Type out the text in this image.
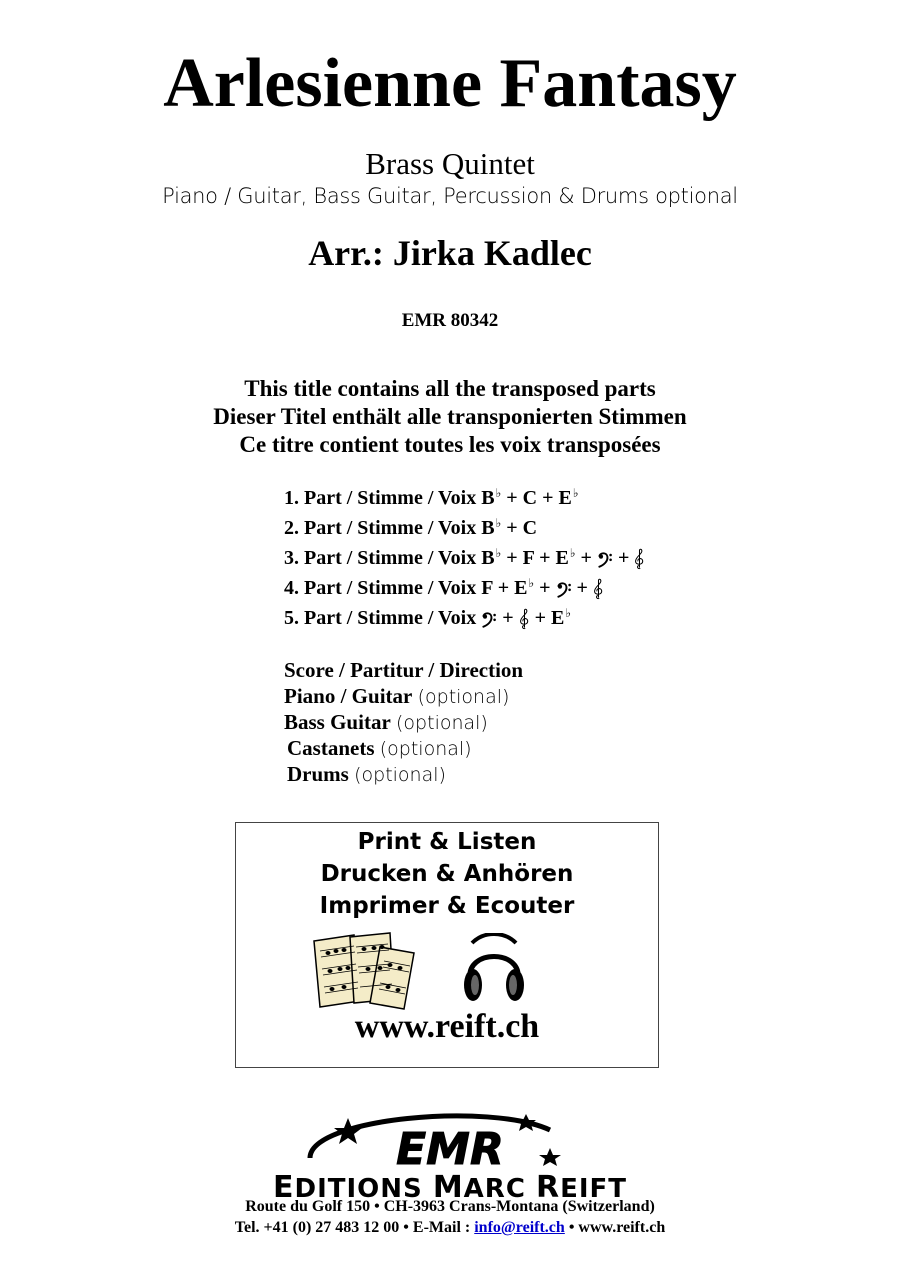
Arlesienne Fantasy
Brass Quintet
Piano / Guitar, Bass Guitar, Percussion & Drums optional
Arr.: Jirka Kadlec
EMR 80342
This title contains all the transposed parts
Dieser Titel enthält alle transponierten Stimmen
Ce titre contient toutes les voix transposées
1. Part / Stimme / Voix B♭ + C + E♭
2. Part / Stimme / Voix B♭ + C
3. Part / Stimme / Voix B♭ + F + E♭ + +
4. Part / Stimme / Voix F + E♭ + +
5. Part / Stimme / Voix + + E♭
Score / Partitur / Direction
Piano / Guitar (optional)
Bass Guitar (optional)
Castanets (optional)
Drums (optional)
Print & Listen
Drucken & Anhören
Imprimer & Ecouter
www.reift.ch
EMR
EDITIONS MARC REIFT
Route du Golf 150 • CH-3963 Crans-Montana (Switzerland)
Tel. +41 (0) 27 483 12 00 • E-Mail : info@reift.ch • www.reift.ch
